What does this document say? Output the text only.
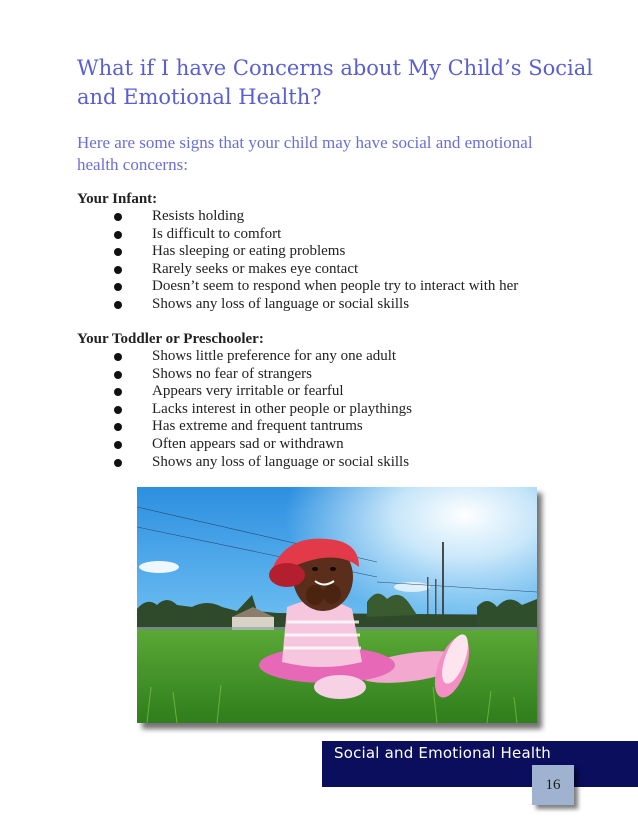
What if I have Concerns about My Child’s Social and Emotional Health?

Here are some signs that your child may have social and emotional health concerns:

Your Infant:
Resists holding
Is difficult to comfort
Has sleeping or eating problems
Rarely seeks or makes eye contact
Doesn’t seem to respond when people try to interact with her
Shows any loss of language or social skills
Your Toddler or Preschooler:
Shows little preference for any one adult
Shows no fear of strangers
Appears very irritable or fearful
Lacks interest in other people or playthings
Has extreme and frequent tantrums
Often appears sad or withdrawn
Shows any loss of language or social skills
Social and Emotional Health
16
